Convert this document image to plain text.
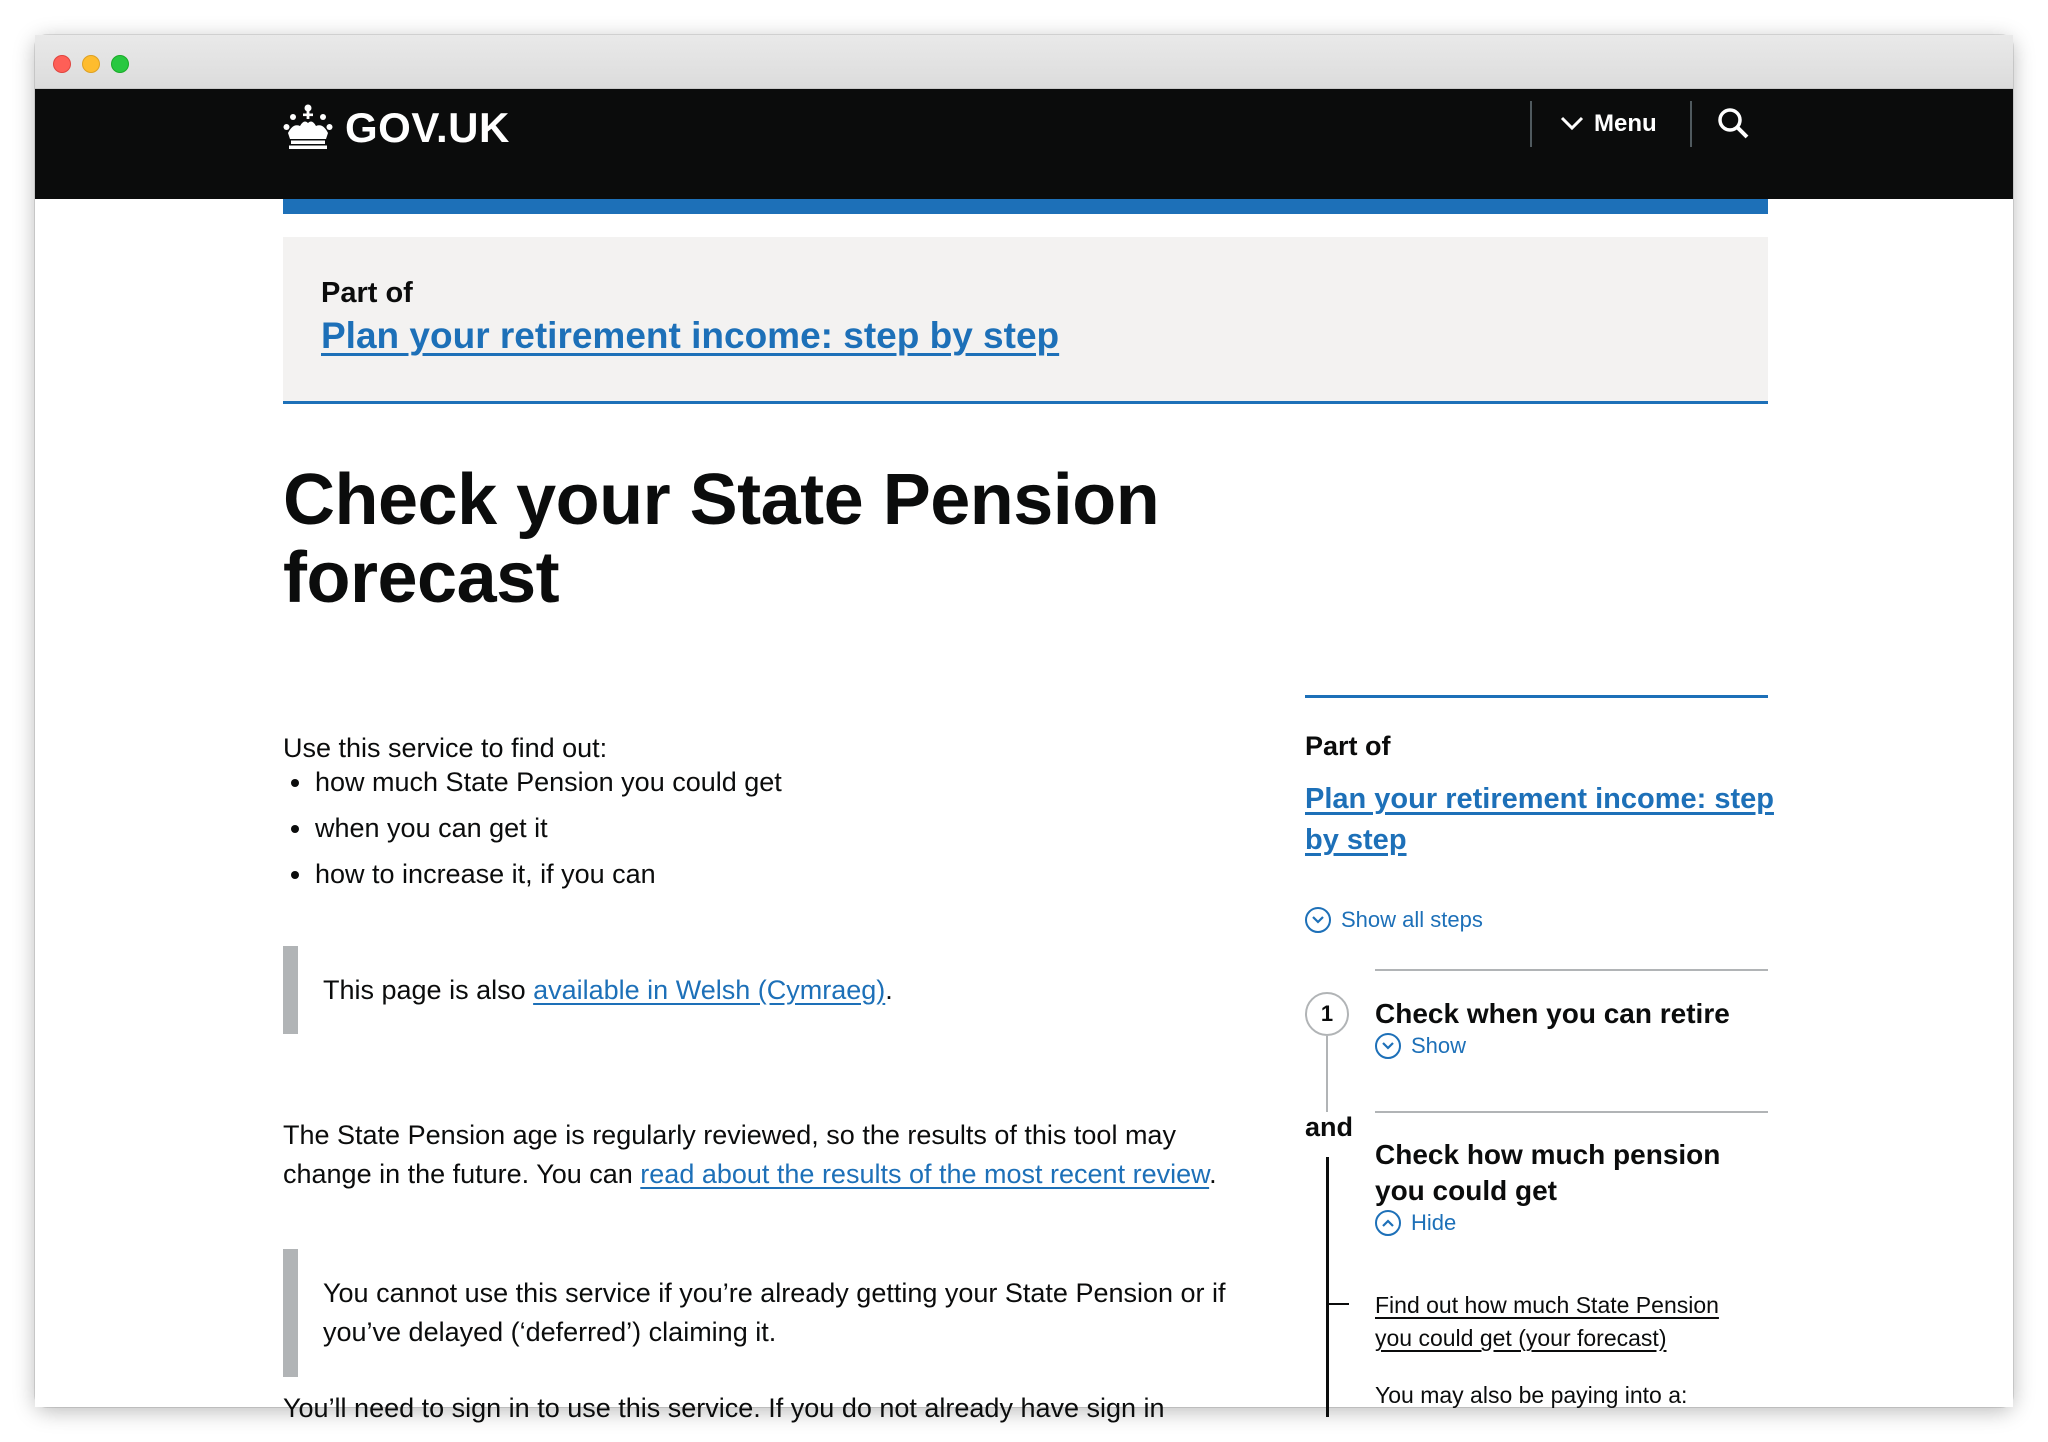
GOV.UK	Menu
Part of
Plan your retirement income: step by step
Check your State Pension forecast

Use this service to find out:

how much State Pension you could get
when you can get it
how to increase it, if you can
This page is also available in Welsh (Cymraeg).

The State Pension age is regularly reviewed, so the results of this tool may change in the future. You can read about the results of the most recent review.

You cannot use this service if you’re already getting your State Pension or if you’ve delayed (‘deferred’) claiming it.

You’ll need to sign in to use this service. If you do not already have sign in

Part of
Plan your retirement income: step by step
Show all steps
1	Check when you can retire
Show
and
Check how much pension you could get
Hide
Find out how much State Pension you could get (your forecast)
You may also be paying into a:
